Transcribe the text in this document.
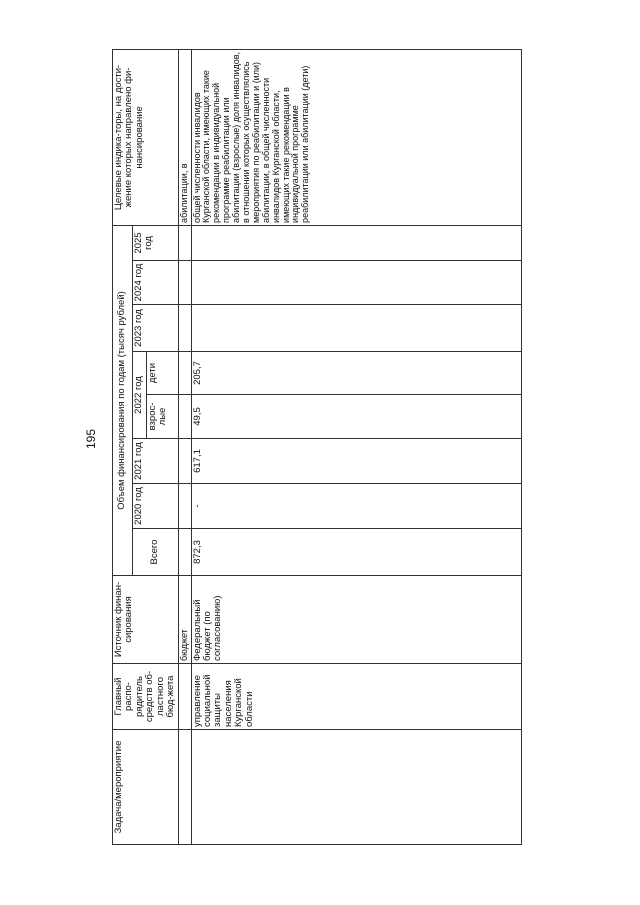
195
Задача/мероприятие	Главный распо-рядитель средств об-ластного бюд-жета	Источник финан-сирования	Объем финансирования по годам (тысяч рублей)								Целевые индика-торы, на дости-жение которых направлено фи-нансирование
			Всего	2020 год	2021 год	2022 год		2023 год	2024 год	2025 год	
						взрос-лые	дети				

		бюджет									абилитации, в
	управление социальной защиты населения Курганской области	Федеральный бюджет (по согласованию)	872,3	-	617,1	49,5	205,7				общей численности инвалидов Курганской области, имеющих такие рекомендации в индивидуальной программе реабилитации или абилитации (взрослые) доля инвалидов, в отношении которых осуществлялись мероприятия по реабилитации и (или) абилитации, в общей численности инвалидов Курганской области, имеющих такие рекомендации в индивидуальной программе реабилитации или абилитации (дети)
